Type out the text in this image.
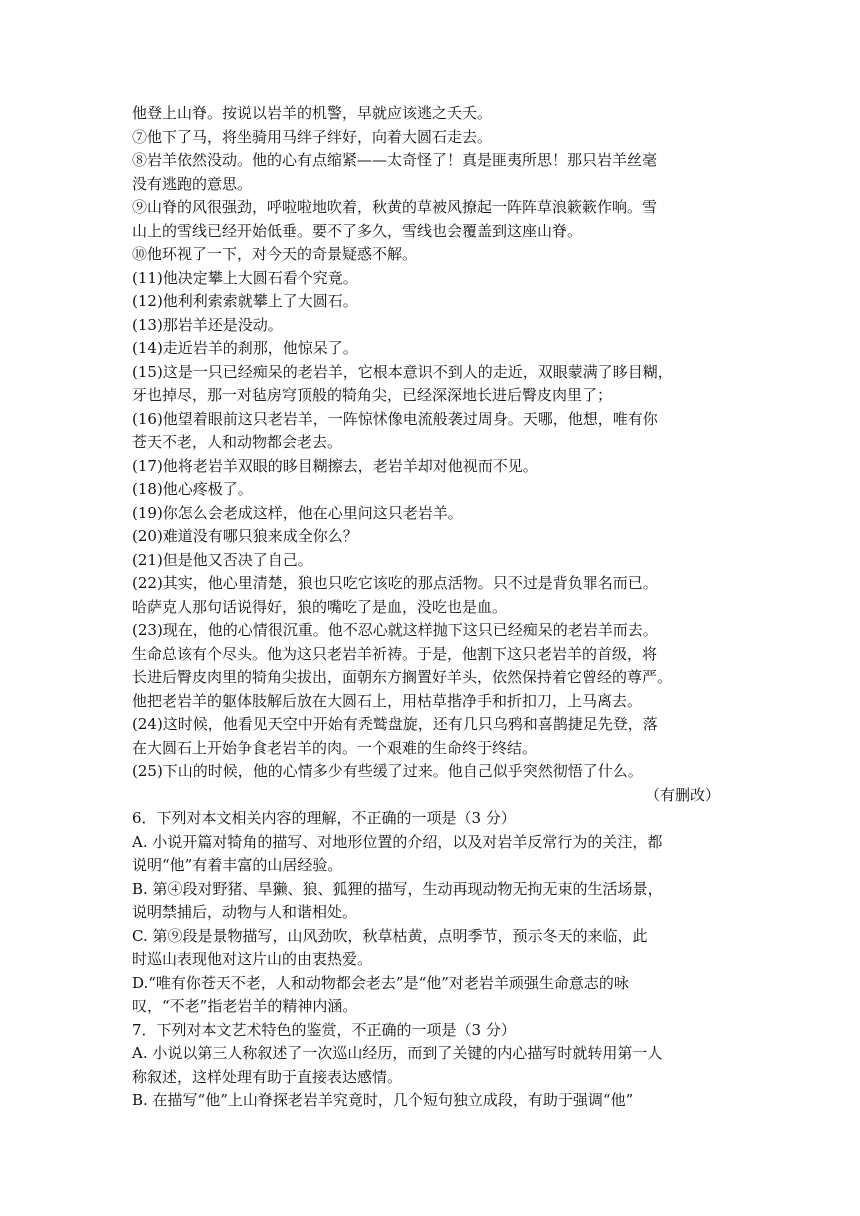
他登上山脊。按说以岩羊的机警，早就应该逃之夭夭。
⑦他下了马，将坐骑用马绊子绊好，向着大圆石走去。
⑧岩羊依然没动。他的心有点缩紧——太奇怪了！真是匪夷所思！那只岩羊丝毫
没有逃跑的意思。
⑨山脊的风很强劲，呼啦啦地吹着，秋黄的草被风撩起一阵阵草浪簌簌作响。雪
山上的雪线已经开始低垂。要不了多久，雪线也会覆盖到这座山脊。
⑩他环视了一下，对今天的奇景疑惑不解。
(11)他决定攀上大圆石看个究竟。
(12)他利利索索就攀上了大圆石。
(13)那岩羊还是没动。
(14)走近岩羊的刹那，他惊呆了。
(15)这是一只已经痴呆的老岩羊，它根本意识不到人的走近，双眼蒙满了眵目糊，
牙也掉尽，那一对毡房穹顶般的犄角尖，已经深深地长进后臀皮肉里了；
(16)他望着眼前这只老岩羊，一阵惊怵像电流般袭过周身。天哪，他想，唯有你
苍天不老，人和动物都会老去。
(17)他将老岩羊双眼的眵目糊擦去，老岩羊却对他视而不见。
(18)他心疼极了。
(19)你怎么会老成这样，他在心里问这只老岩羊。
(20)难道没有哪只狼来成全你么？
(21)但是他又否决了自己。
(22)其实，他心里清楚，狼也只吃它该吃的那点活物。只不过是背负罪名而已。
哈萨克人那句话说得好，狼的嘴吃了是血，没吃也是血。
(23)现在，他的心情很沉重。他不忍心就这样抛下这只已经痴呆的老岩羊而去。
生命总该有个尽头。他为这只老岩羊祈祷。于是，他割下这只老岩羊的首级，将
长进后臀皮肉里的犄角尖拔出，面朝东方搁置好羊头，依然保持着它曾经的尊严。
他把老岩羊的躯体肢解后放在大圆石上，用枯草揩净手和折扣刀，上马离去。
(24)这时候，他看见天空中开始有秃鹫盘旋，还有几只乌鸦和喜鹊捷足先登，落
在大圆石上开始争食老岩羊的肉。一个艰难的生命终于终结。
(25)下山的时候，他的心情多少有些缓了过来。他自己似乎突然彻悟了什么。
（有删改）
6．下列对本文相关内容的理解，不正确的一项是（3 分）
A. 小说开篇对犄角的描写、对地形位置的介绍，以及对岩羊反常行为的关注，都
说明“他”有着丰富的山居经验。
B. 第④段对野猪、旱獭、狼、狐狸的描写，生动再现动物无拘无束的生活场景，
说明禁捕后，动物与人和谐相处。
C. 第⑨段是景物描写，山风劲吹，秋草枯黄，点明季节，预示冬天的来临，此
时巡山表现他对这片山的由衷热爱。
D.“唯有你苍天不老，人和动物都会老去”是“他”对老岩羊顽强生命意志的咏
叹，“不老”指老岩羊的精神内涵。
7．下列对本文艺术特色的鉴赏，不正确的一项是（3 分）
A. 小说以第三人称叙述了一次巡山经历，而到了关键的内心描写时就转用第一人
称叙述，这样处理有助于直接表达感情。
B. 在描写“他”上山脊探老岩羊究竟时，几个短句独立成段，有助于强调“他”
